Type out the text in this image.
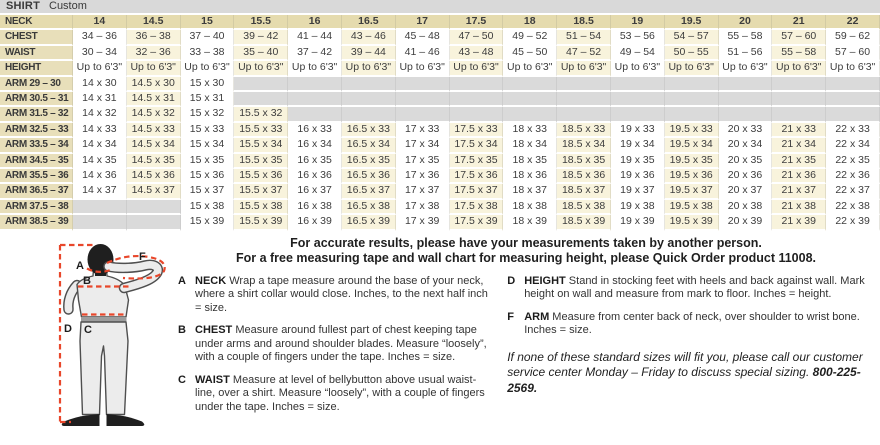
SHIRT Custom
NECK	14	14.5	15	15.5	16	16.5	17	17.5	18	18.5	19	19.5	20	21	22
CHEST	34 – 36	36 – 38	37 – 40	39 – 42	41 – 44	43 – 46	45 – 48	47 – 50	49 – 52	51 – 54	53 – 56	54 – 57	55 – 58	57 – 60	59 – 62
WAIST	30 – 34	32 – 36	33 – 38	35 – 40	37 – 42	39 – 44	41 – 46	43 – 48	45 – 50	47 – 52	49 – 54	50 – 55	51 – 56	55 – 58	57 – 60
HEIGHT	Up to 6'3"	Up to 6'3"	Up to 6'3"	Up to 6'3"	Up to 6'3"	Up to 6'3"	Up to 6'3"	Up to 6'3"	Up to 6'3"	Up to 6'3"	Up to 6'3"	Up to 6'3"	Up to 6'3"	Up to 6'3"	Up to 6'3"
ARM 29 – 30	14 x 30	14.5 x 30	15 x 30												
ARM 30.5 – 31	14 x 31	14.5 x 31	15 x 31												
ARM 31.5 – 32	14 x 32	14.5 x 32	15 x 32	15.5 x 32											
ARM 32.5 – 33	14 x 33	14.5 x 33	15 x 33	15.5 x 33	16 x 33	16.5 x 33	17 x 33	17.5 x 33	18 x 33	18.5 x 33	19 x 33	19.5 x 33	20 x 33	21 x 33	22 x 33
ARM 33.5 – 34	14 x 34	14.5 x 34	15 x 34	15.5 x 34	16 x 34	16.5 x 34	17 x 34	17.5 x 34	18 x 34	18.5 x 34	19 x 34	19.5 x 34	20 x 34	21 x 34	22 x 34
ARM 34.5 – 35	14 x 35	14.5 x 35	15 x 35	15.5 x 35	16 x 35	16.5 x 35	17 x 35	17.5 x 35	18 x 35	18.5 x 35	19 x 35	19.5 x 35	20 x 35	21 x 35	22 x 35
ARM 35.5 – 36	14 x 36	14.5 x 36	15 x 36	15.5 x 36	16 x 36	16.5 x 36	17 x 36	17.5 x 36	18 x 36	18.5 x 36	19 x 36	19.5 x 36	20 x 36	21 x 36	22 x 36
ARM 36.5 – 37	14 x 37	14.5 x 37	15 x 37	15.5 x 37	16 x 37	16.5 x 37	17 x 37	17.5 x 37	18 x 37	18.5 x 37	19 x 37	19.5 x 37	20 x 37	21 x 37	22 x 37
ARM 37.5 – 38			15 x 38	15.5 x 38	16 x 38	16.5 x 38	17 x 38	17.5 x 38	18 x 38	18.5 x 38	19 x 38	19.5 x 38	20 x 38	21 x 38	22 x 38
ARM 38.5 – 39			15 x 39	15.5 x 39	16 x 39	16.5 x 39	17 x 39	17.5 x 39	18 x 39	18.5 x 39	19 x 39	19.5 x 39	20 x 39	21 x 39	22 x 39
A
B
C
D
F
For accurate results, please have your measurements taken by another person.
For a free measuring tape and wall chart for measuring height, please Quick Order product 11008.
A NECK Wrap a tape measure around the base of your neck, where a shirt collar would close. Inches, to the next half inch = size.
B CHEST Measure around fullest part of chest keeping tape under arms and around shoulder blades. Measure “loosely”, with a couple of fingers under the tape. Inches = size.
C WAIST Measure at level of bellybutton above usual waist-line, over a shirt. Measure “loosely”, with a couple of fingers under the tape. Inches = size.
D HEIGHT Stand in stocking feet with heels and back against wall. Mark height on wall and measure from mark to floor. Inches = height.
F ARM Measure from center back of neck, over shoulder to wrist bone. Inches = size.
If none of these standard sizes will fit you, please call our customer service center Monday – Friday to discuss special sizing. 800-225-2569.
